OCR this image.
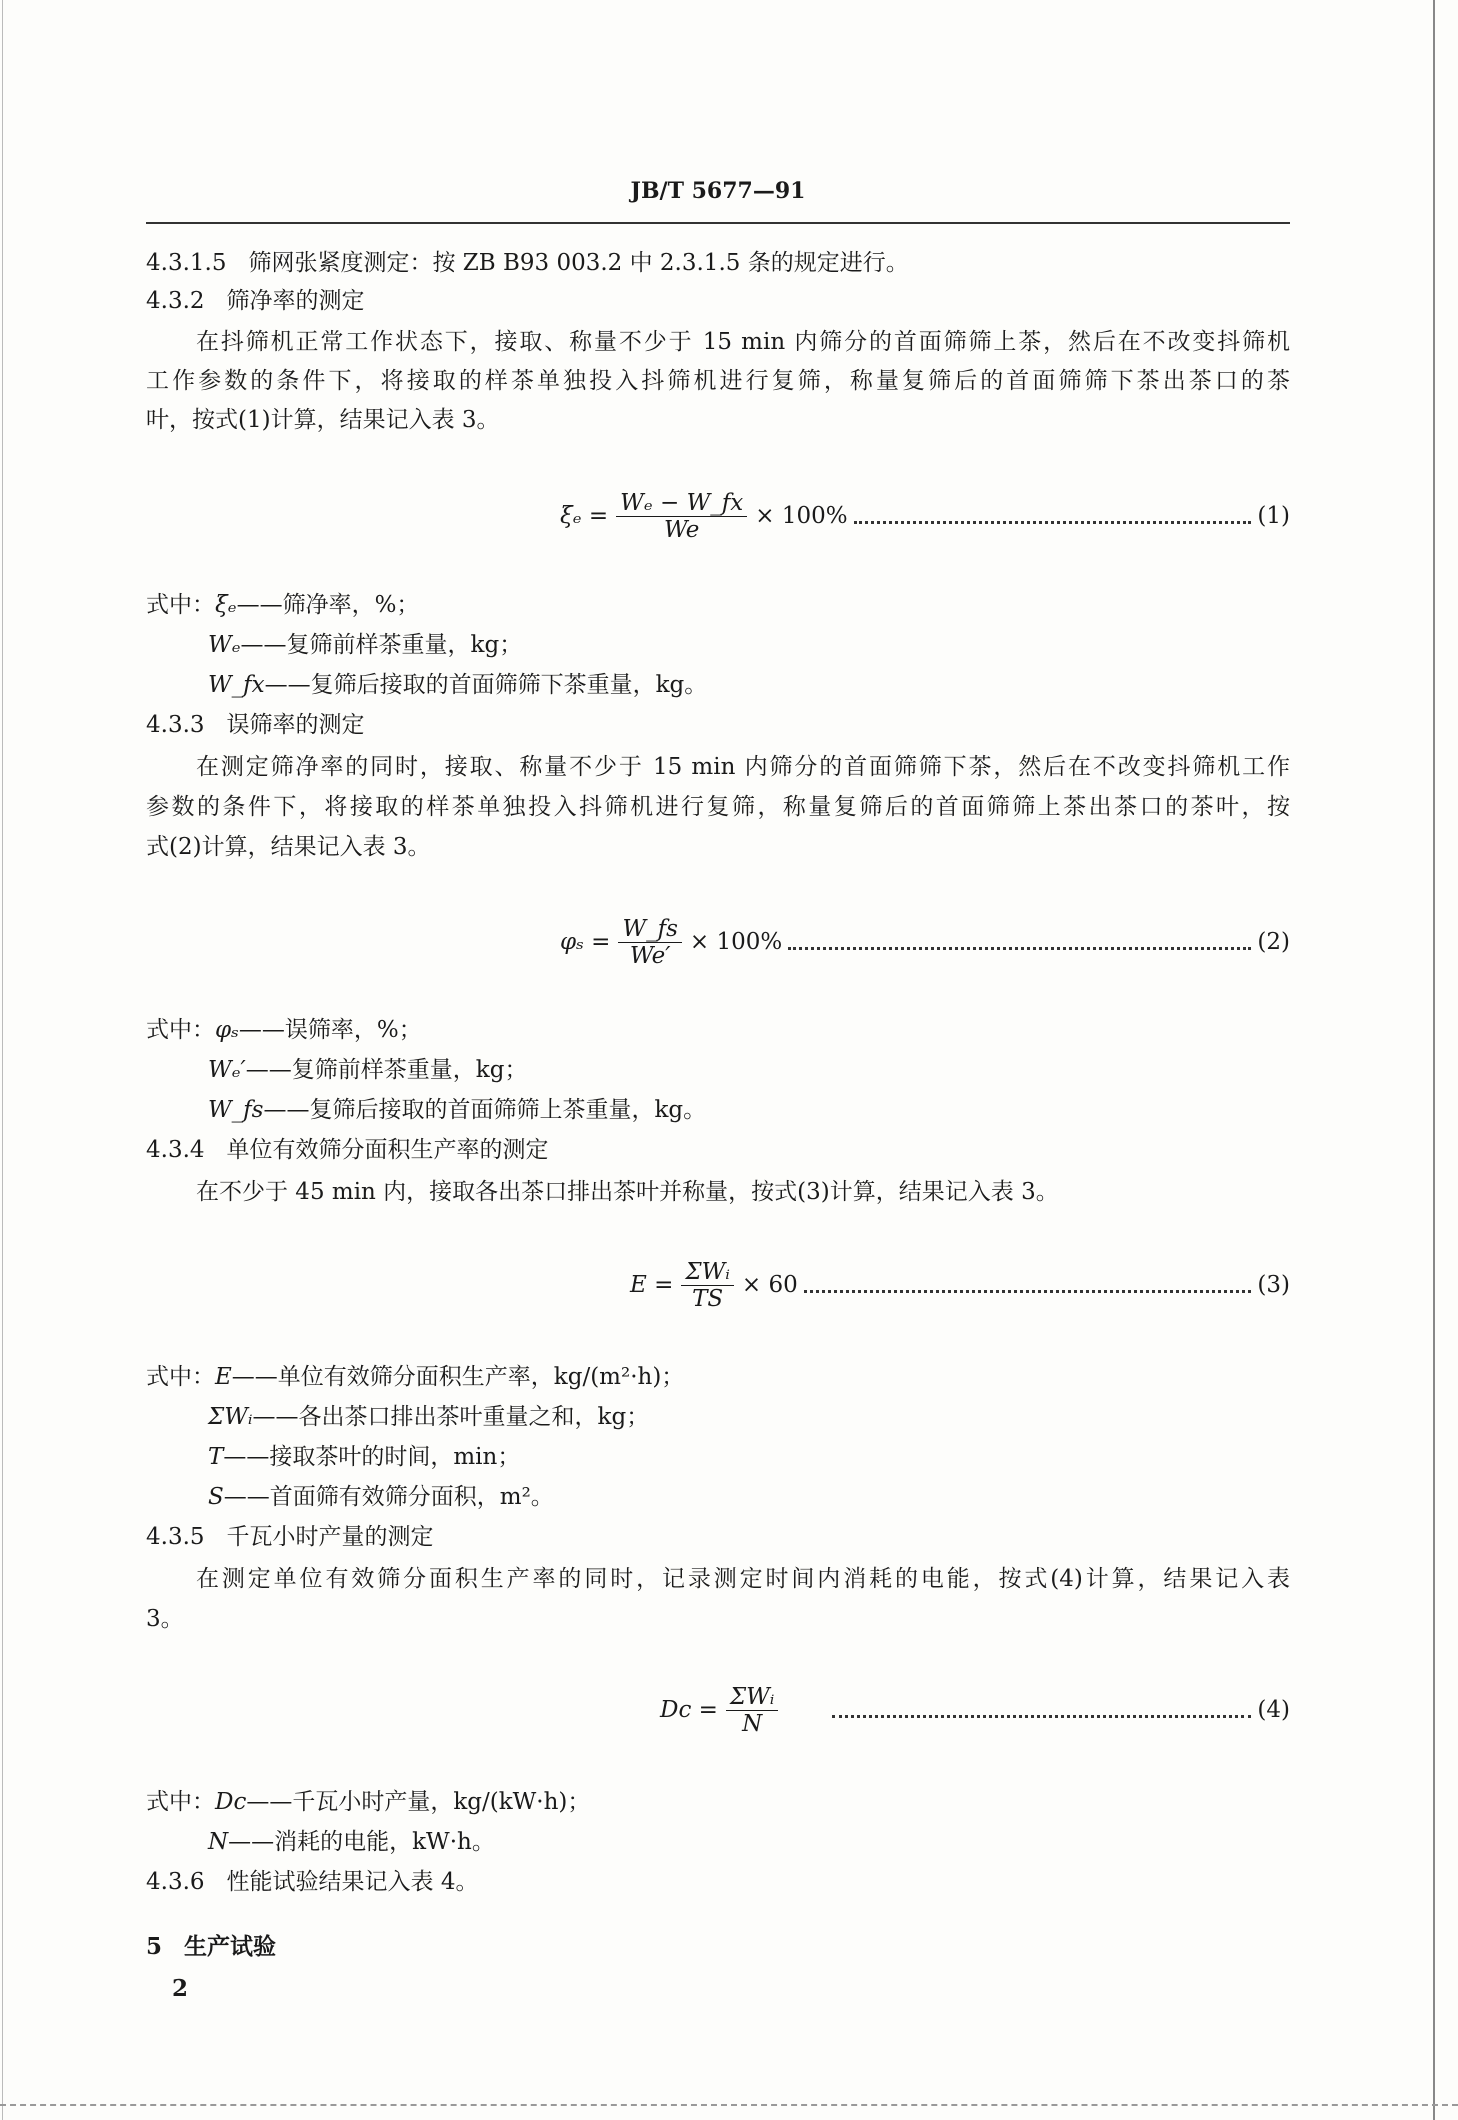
JB/T 5677—91
4.3.1.5 筛网张紧度测定：按 ZB B93 003.2 中 2.3.1.5 条的规定进行。
4.3.2 筛净率的测定
在抖筛机正常工作状态下，接取、称量不少于 15 min 内筛分的首面筛筛上茶，然后在不改变抖筛机
工作参数的条件下，将接取的样茶单独投入抖筛机进行复筛，称量复筛后的首面筛筛下茶出茶口的茶
叶，按式(1)计算，结果记入表 3。
$\xi_e = \frac{\text{Wₑ − W\_fx}}{We} \times 100\%$	(1)
式中：ξₑ——筛净率，%；
Wₑ——复筛前样茶重量，kg；
W_fx——复筛后接取的首面筛筛下茶重量，kg。
4.3.3 误筛率的测定
在测定筛净率的同时，接取、称量不少于 15 min 内筛分的首面筛筛下茶，然后在不改变抖筛机工作
参数的条件下，将接取的样茶单独投入抖筛机进行复筛，称量复筛后的首面筛筛上茶出茶口的茶叶，按
式(2)计算，结果记入表 3。
$\varphi_s = \frac{W\_fs}{We'} \times 100\%$	(2)
式中：φₛ——误筛率，%；
Wₑ′——复筛前样茶重量，kg；
W_fs——复筛后接取的首面筛筛上茶重量，kg。
4.3.4 单位有效筛分面积生产率的测定
在不少于 45 min 内，接取各出茶口排出茶叶并称量，按式(3)计算，结果记入表 3。
$E = \frac{\text{ΣWᵢ}}{TS} \times 60$	(3)
式中：E——单位有效筛分面积生产率，kg/(m²·h)；
ΣWᵢ——各出茶口排出茶叶重量之和，kg；
T——接取茶叶的时间，min；
S——首面筛有效筛分面积，m²。
4.3.5 千瓦小时产量的测定
在测定单位有效筛分面积生产率的同时，记录测定时间内消耗的电能，按式(4)计算，结果记入表
3。
$Dc = \frac{\text{ΣWᵢ}}{N}$	(4)
式中：Dc——千瓦小时产量，kg/(kW·h)；
N——消耗的电能，kW·h。
4.3.6 性能试验结果记入表 4。
5 生产试验
2
